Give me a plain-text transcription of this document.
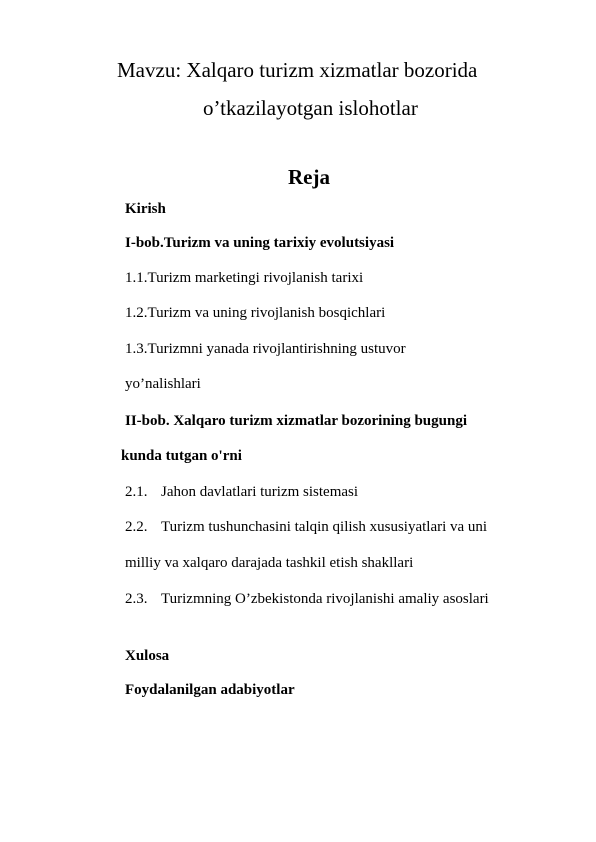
Mavzu: Xalqaro turizm xizmatlar bozorida
o’tkazilayotgan islohotlar
Reja
Kirish
I-bob.Turizm va uning tarixiy evolutsiyasi
1.1.Turizm marketingi rivojlanish tarixi
1.2.Turizm va uning rivojlanish bosqichlari
1.3.Turizmni yanada rivojlantirishning ustuvor
yo’nalishlari
II-bob. Xalqaro turizm xizmatlar bozorining bugungi
kunda tutgan o'rni
2.1. Jahon davlatlari turizm sistemasi
2.2. Turizm tushunchasini talqin qilish xususiyatlari va uni
milliy va xalqaro darajada tashkil etish shakllari
2.3. Turizmning O’zbekistonda rivojlanishi amaliy asoslari
Xulosa
Foydalanilgan adabiyotlar
